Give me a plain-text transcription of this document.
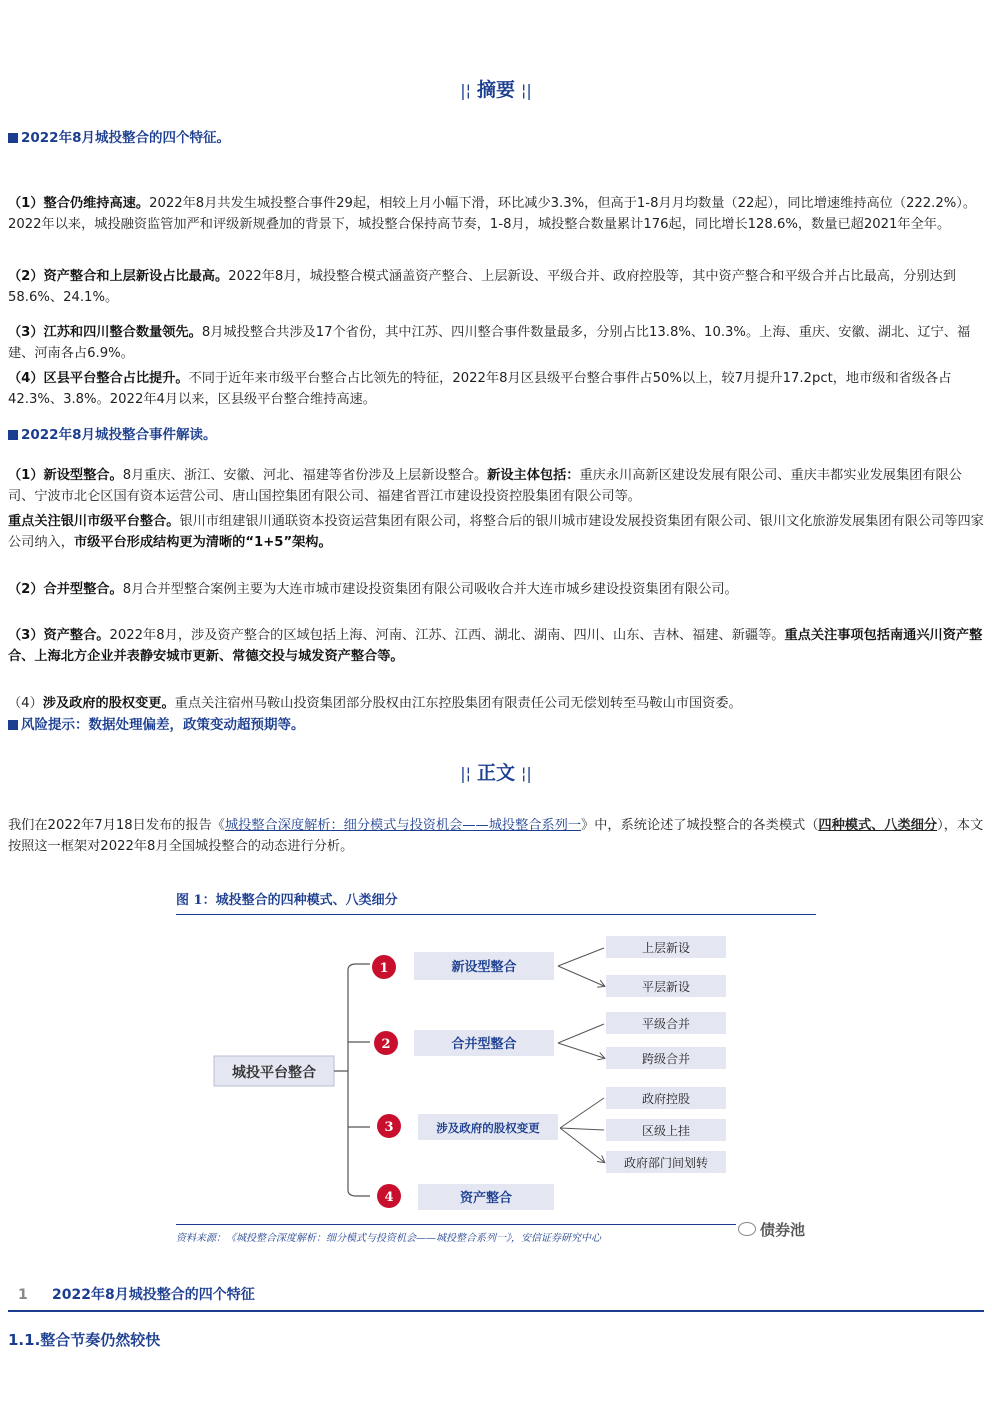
|¦ 摘要 ¦|
2022年8月城投整合的四个特征。
（1）整合仍维持高速。2022年8月共发生城投整合事件29起，相较上月小幅下滑，环比减少3.3%，但高于1-8月月均数量（22起），同比增速维持高位（222.2%）。2022年以来，城投融资监管加严和评级新规叠加的背景下，城投整合保持高节奏，1-8月，城投整合数量累计176起，同比增长128.6%，数量已超2021年全年。
（2）资产整合和上层新设占比最高。2022年8月，城投整合模式涵盖资产整合、上层新设、平级合并、政府控股等，其中资产整合和平级合并占比最高，分别达到58.6%、24.1%。
（3）江苏和四川整合数量领先。8月城投整合共涉及17个省份，其中江苏、四川整合事件数量最多，分别占比13.8%、10.3%。上海、重庆、安徽、湖北、辽宁、福建、河南各占6.9%。
（4）区县平台整合占比提升。不同于近年来市级平台整合占比领先的特征，2022年8月区县级平台整合事件占50%以上，较7月提升17.2pct，地市级和省级各占42.3%、3.8%。2022年4月以来，区县级平台整合维持高速。
2022年8月城投整合事件解读。
（1）新设型整合。8月重庆、浙江、安徽、河北、福建等省份涉及上层新设整合。新设主体包括：重庆永川高新区建设发展有限公司、重庆丰都实业发展集团有限公司、宁波市北仑区国有资本运营公司、唐山国控集团有限公司、福建省晋江市建设投资控股集团有限公司等。
重点关注银川市级平台整合。银川市组建银川通联资本投资运营集团有限公司，将整合后的银川城市建设发展投资集团有限公司、银川文化旅游发展集团有限公司等四家公司纳入，市级平台形成结构更为清晰的“1+5”架构。
（2）合并型整合。8月合并型整合案例主要为大连市城市建设投资集团有限公司吸收合并大连市城乡建设投资集团有限公司。
（3）资产整合。2022年8月，涉及资产整合的区域包括上海、河南、江苏、江西、湖北、湖南、四川、山东、吉林、福建、新疆等。重点关注事项包括南通兴川资产整合、上海北方企业并表静安城市更新、常德交投与城发资产整合等。
（4）涉及政府的股权变更。重点关注宿州马鞍山投资集团部分股权由江东控股集团有限责任公司无偿划转至马鞍山市国资委。
风险提示：数据处理偏差，政策变动超预期等。
|¦ 正文 ¦|
我们在2022年7月18日发布的报告《城投整合深度解析：细分模式与投资机会——城投整合系列一》中，系统论述了城投整合的各类模式（四种模式、八类细分），本文按照这一框架对2022年8月全国城投整合的动态进行分析。
图 1：城投整合的四种模式、八类细分
城投平台整合
1	新设型整合
上层新设
平层新设
2	合并型整合
平级合并
跨级合并
3	涉及政府的股权变更
政府控股
区级上挂
政府部门间划转
4	资产整合
资料来源：《城投整合深度解析：细分模式与投资机会——城投整合系列一》，安信证券研究中心	债券池
1 2022年8月城投整合的四个特征
1.1.整合节奏仍然较快
